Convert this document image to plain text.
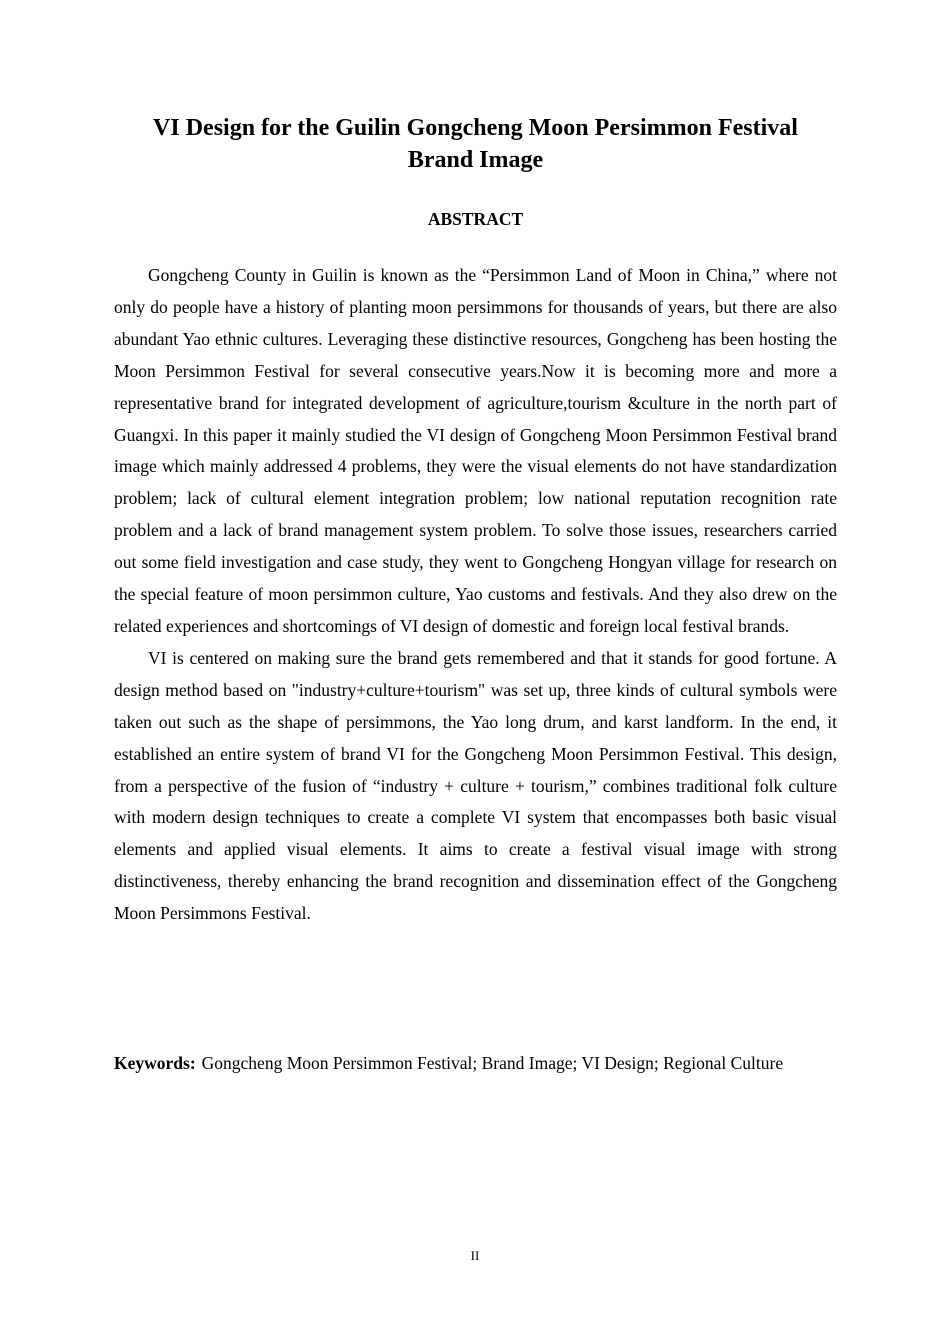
VI Design for the Guilin Gongcheng Moon Persimmon Festival
Brand Image
ABSTRACT

Gongcheng County in Guilin is known as the “Persimmon Land of Moon in China,” where not only do people have a history of planting moon persimmons for thousands of years, but there are also abundant Yao ethnic cultures. Leveraging these distinctive resources, Gongcheng has been hosting the Moon Persimmon Festival for several consecutive years.Now it is becoming more and more a representative brand for integrated development of agriculture,tourism &culture in the north part of Guangxi. In this paper it mainly studied the VI design of Gongcheng Moon Persimmon Festival brand image which mainly addressed 4 problems, they were the visual elements do not have standardization problem; lack of cultural element integration problem; low national reputation recognition rate problem and a lack of brand management system problem. To solve those issues, researchers carried out some field investigation and case study, they went to Gongcheng Hongyan village for research on the special feature of moon persimmon culture, Yao customs and festivals. And they also drew on the related experiences and shortcomings of VI design of domestic and foreign local festival brands.

VI is centered on making sure the brand gets remembered and that it stands for good fortune. A design method based on "industry+culture+tourism" was set up, three kinds of cultural symbols were taken out such as the shape of persimmons, the Yao long drum, and karst landform. In the end, it established an entire system of brand VI for the Gongcheng Moon Persimmon Festival. This design, from a perspective of the fusion of “industry + culture + tourism,” combines traditional folk culture with modern design techniques to create a complete VI system that encompasses both basic visual elements and applied visual elements. It aims to create a festival visual image with strong distinctiveness, thereby enhancing the brand recognition and dissemination effect of the Gongcheng Moon Persimmons Festival.

Keywords: Gongcheng Moon Persimmon Festival; Brand Image; VI Design; Regional Culture

II
